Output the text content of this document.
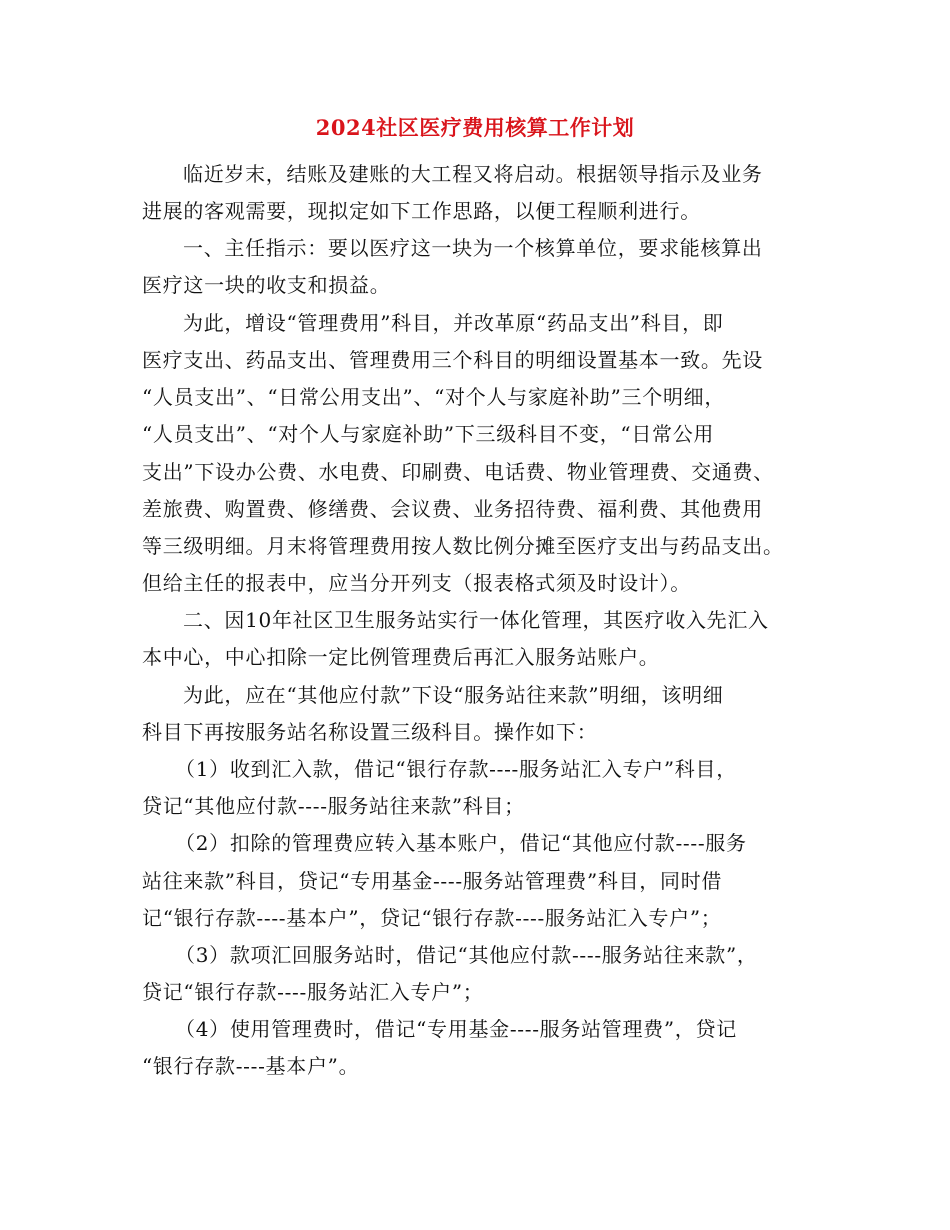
2024社区医疗费用核算工作计划
临近岁末，结账及建账的大工程又将启动。根据领导指示及业务
进展的客观需要，现拟定如下工作思路，以便工程顺利进行。
一、主任指示：要以医疗这一块为一个核算单位，要求能核算出
医疗这一块的收支和损益。
为此，增设“管理费用”科目，并改革原“药品支出”科目，即
医疗支出、药品支出、管理费用三个科目的明细设置基本一致。先设
“人员支出”、“日常公用支出”、“对个人与家庭补助”三个明细，
“人员支出”、“对个人与家庭补助”下三级科目不变，“日常公用
支出”下设办公费、水电费、印刷费、电话费、物业管理费、交通费、
差旅费、购置费、修缮费、会议费、业务招待费、福利费、其他费用
等三级明细。月末将管理费用按人数比例分摊至医疗支出与药品支出。
但给主任的报表中，应当分开列支（报表格式须及时设计）。
二、因10年社区卫生服务站实行一体化管理，其医疗收入先汇入
本中心，中心扣除一定比例管理费后再汇入服务站账户。
为此，应在“其他应付款”下设“服务站往来款”明细，该明细
科目下再按服务站名称设置三级科目。操作如下：
（1）收到汇入款，借记“银行存款----服务站汇入专户”科目，
贷记“其他应付款----服务站往来款”科目；
（2）扣除的管理费应转入基本账户，借记“其他应付款----服务
站往来款”科目，贷记“专用基金----服务站管理费”科目，同时借
记“银行存款----基本户”，贷记“银行存款----服务站汇入专户”；
（3）款项汇回服务站时，借记“其他应付款----服务站往来款”，
贷记“银行存款----服务站汇入专户”；
（4）使用管理费时，借记“专用基金----服务站管理费”，贷记
“银行存款----基本户”。
